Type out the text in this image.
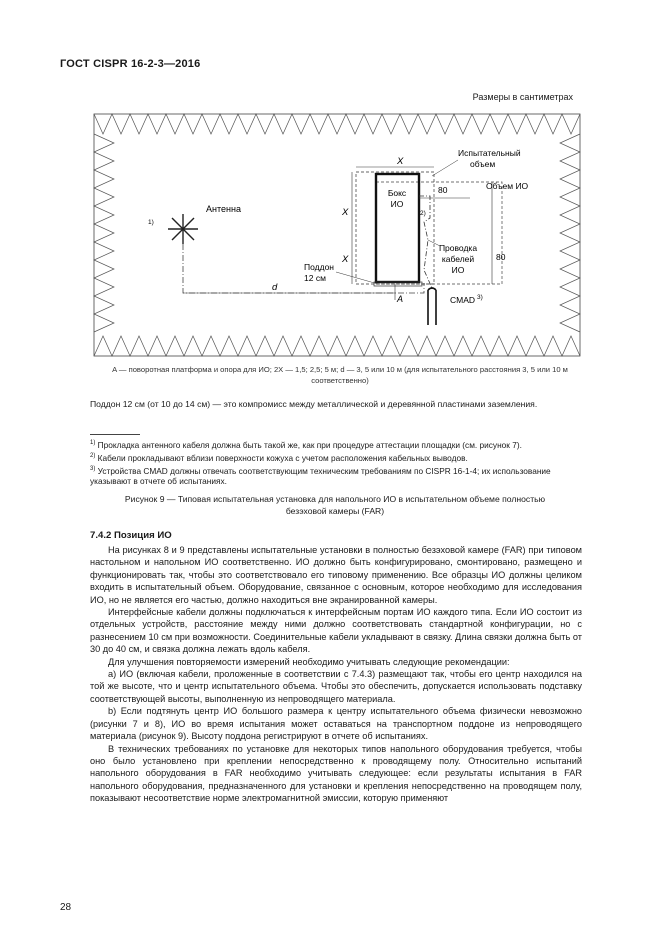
ГОСТ CISPR 16-2-3—2016
Размеры в сантиметрах
Антенна
1)
d
Бокс
ИО
X
X
X
80
80
2)
A	CMAD 3)
Испытательный
объем
Объем ИО
Проводка
кабелей
ИО
Поддон
12 см
A — поворотная платформа и опора для ИО; 2X — 1,5; 2,5; 5 м; d — 3, 5 или 10 м (для испытательного расстояния 3, 5 или 10 м соответственно)
Поддон 12 см (от 10 до 14 см) — это компромисс между металлической и деревянной пластинами заземления.

$^{1)}$ Прокладка антенного кабеля должна быть такой же, как при процедуре аттестации площадки (см. рисунок 7).

$^{2)}$ Кабели прокладывают вблизи поверхности кожуха с учетом расположения кабельных выводов.

$^{3)}$ Устройства CMAD должны отвечать соответствующим техническим требованиям по CISPR 16-1-4; их использование указывают в отчете об испытаниях.

Рисунок 9 — Типовая испытательная установка для напольного ИО в испытательном объеме полностью безэховой камеры (FAR)
7.4.2 Позиция ИО

На рисунках 8 и 9 представлены испытательные установки в полностью безэховой камере (FAR) при типовом настольном и напольном ИО соответственно. ИО должно быть конфигурировано, смонтировано, размещено и функционировать так, чтобы это соответствовало его типовому применению. Все образцы ИО должны целиком входить в испытательный объем. Оборудование, связанное с основным, которое необходимо для исследования ИО, но не является его частью, должно находиться вне экранированной камеры.

Интерфейсные кабели должны подключаться к интерфейсным портам ИО каждого типа. Если ИО состоит из отдельных устройств, расстояние между ними должно соответствовать стандартной конфигурации, но с разнесением 10 см при возможности. Соединительные кабели укладывают в связку. Длина связки должна быть от 30 до 40 см, и связка должна лежать вдоль кабеля.

Для улучшения повторяемости измерений необходимо учитывать следующие рекомендации:

а) ИО (включая кабели, проложенные в соответствии с 7.4.3) размещают так, чтобы его центр находился на той же высоте, что и центр испытательного объема. Чтобы это обеспечить, допускается использовать подставку соответствующей высоты, выполненную из непроводящего материала.

b) Если подтянуть центр ИО большого размера к центру испытательного объема физически невозможно (рисунки 7 и 8), ИО во время испытания может оставаться на транспортном поддоне из непроводящего материала (рисунок 9). Высоту поддона регистрируют в отчете об испытаниях.

В технических требованиях по установке для некоторых типов напольного оборудования требуется, чтобы оно было установлено при креплении непосредственно к проводящему полу. Относительно испытаний напольного оборудования в FAR необходимо учитывать следующее: если результаты испытания в FAR напольного оборудования, предназначенного для установки и крепления непосредственно на проводящем полу, показывают несоответствие норме электромагнитной эмиссии, которую применяют

28
